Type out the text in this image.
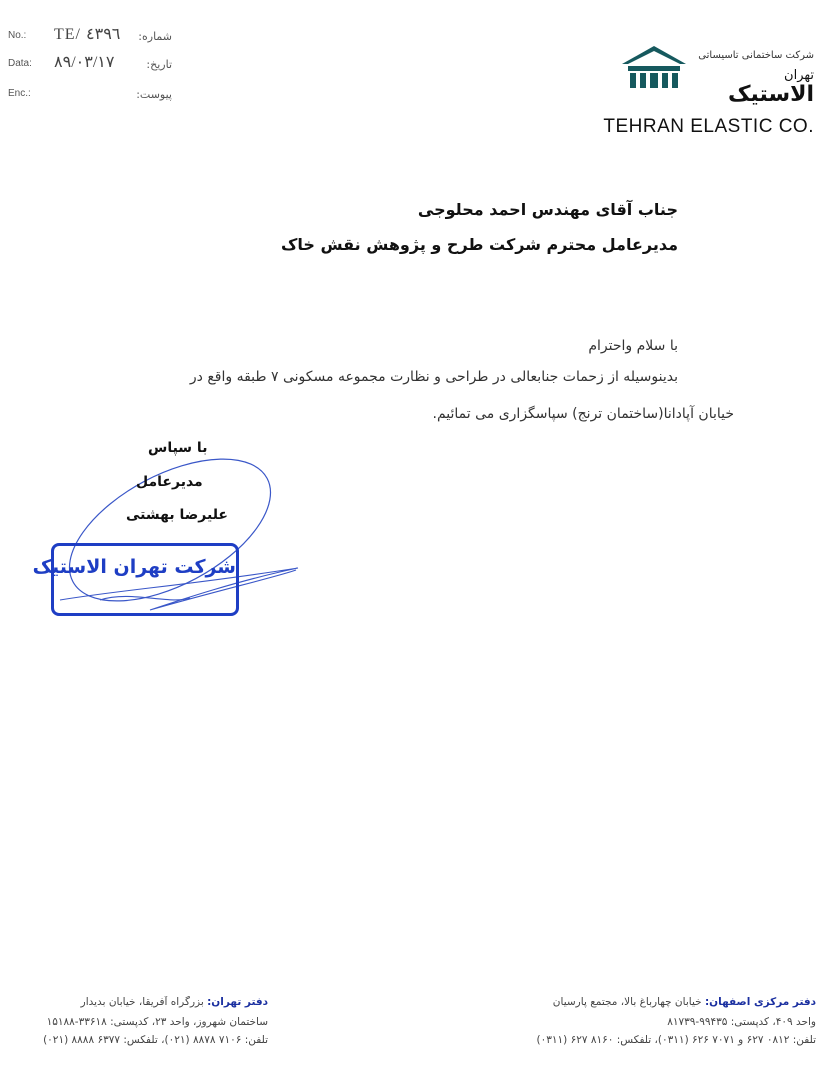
No.: TE/ ٤٣٩٦ شماره:
Data: ۸۹/۰۳/۱۷	تاریخ:
Enc.:	پیوست:
شرکت ساختمانی تاسیساتی
تهران
الاستیک
TEHRAN ELASTIC CO.
جناب آقای مهندس احمد محلوجی
مدیرعامل محترم شرکت طرح و پژوهش نقش خاک
با سلام واحترام
بدینوسیله از زحمات جنابعالی در طراحی و نظارت مجموعه مسکونی ۷ طبقه واقع در
خیابان آپادانا(ساختمان ترنج) سپاسگزاری می تمائیم.
با سپاس
مدیرعامل
علیرضا بهشتی
شرکت تهران الاستیک
دفتر مرکزی اصفهان: خیابان چهارباغ بالا، مجتمع پارسیان
واحد ۴۰۹، کدپستی: ۹۹۴۳۵-۸۱۷۳۹
تلفن: ۰۸۱۲ ۶۲۷ و ۷۰۷۱ ۶۲۶ (۰۳۱۱)، تلفکس: ۸۱۶۰ ۶۲۷ (۰۳۱۱)
دفتر تهران: بزرگراه آفریقا، خیابان بدیدار
ساختمان شهروز، واحد ۲۳، کدپستی: ۳۳۶۱۸-۱۵۱۸۸
تلفن: ۷۱۰۶ ۸۸۷۸ (۰۲۱)، تلفکس: ۶۳۷۷ ۸۸۸۸ (۰۲۱)
